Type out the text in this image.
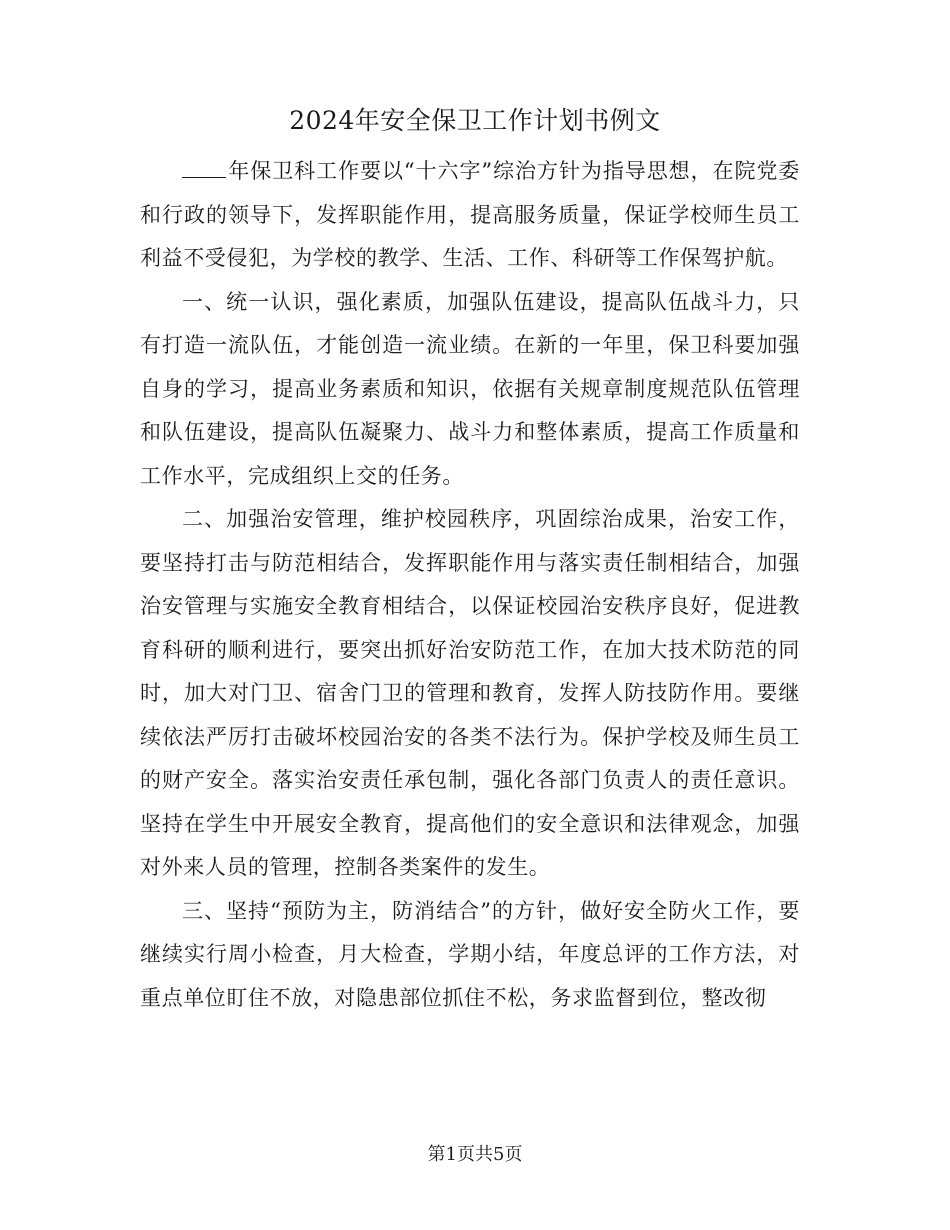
2024年安全保卫工作计划书例文

年保卫科工作要以“十六字”综治方针为指导思想，在院党委和行政的领导下，发挥职能作用，提高服务质量，保证学校师生员工利益不受侵犯，为学校的教学、生活、工作、科研等工作保驾护航。

一、统一认识，强化素质，加强队伍建设，提高队伍战斗力，只有打造一流队伍，才能创造一流业绩。在新的一年里，保卫科要加强自身的学习，提高业务素质和知识，依据有关规章制度规范队伍管理和队伍建设，提高队伍凝聚力、战斗力和整体素质，提高工作质量和工作水平，完成组织上交的任务。

二、加强治安管理，维护校园秩序，巩固综治成果，治安工作，要坚持打击与防范相结合，发挥职能作用与落实责任制相结合，加强治安管理与实施安全教育相结合，以保证校园治安秩序良好，促进教育科研的顺利进行，要突出抓好治安防范工作，在加大技术防范的同时，加大对门卫、宿舍门卫的管理和教育，发挥人防技防作用。要继续依法严厉打击破坏校园治安的各类不法行为。保护学校及师生员工的财产安全。落实治安责任承包制，强化各部门负责人的责任意识。坚持在学生中开展安全教育，提高他们的安全意识和法律观念，加强对外来人员的管理，控制各类案件的发生。

三、坚持“预防为主，防消结合”的方针，做好安全防火工作，要继续实行周小检查，月大检查，学期小结，年度总评的工作方法，对重点单位盯住不放，对隐患部位抓住不松，务求监督到位，整改彻

第1页共5页
